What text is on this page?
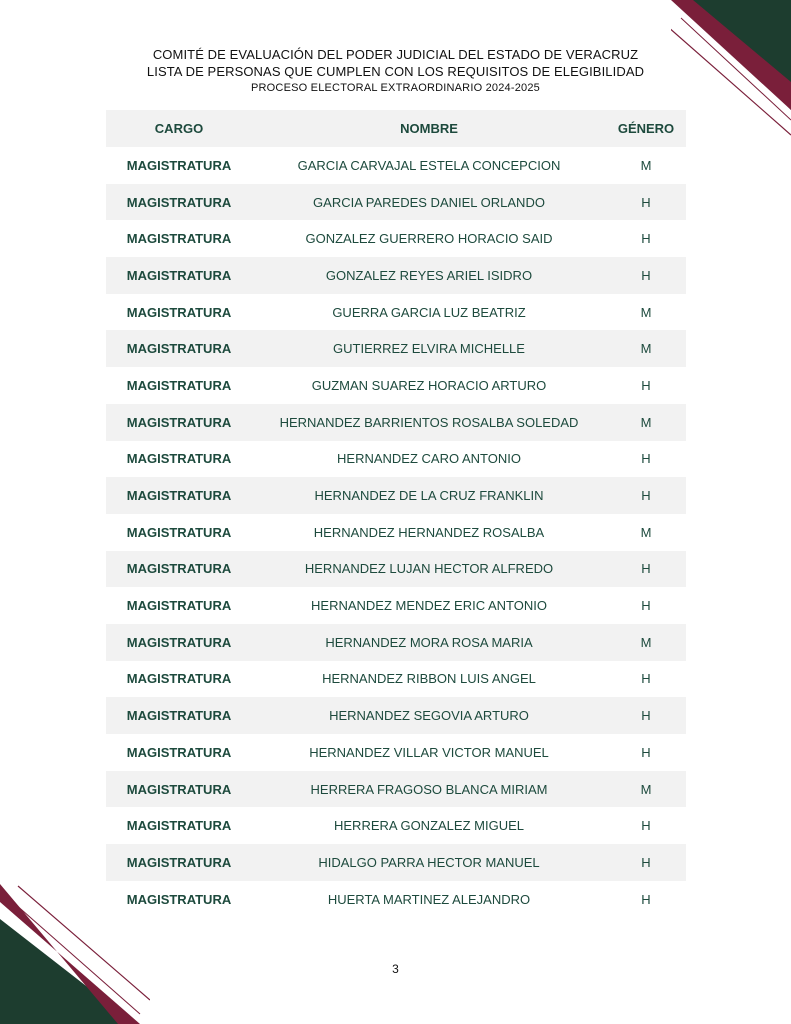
COMITÉ DE EVALUACIÓN DEL PODER JUDICIAL DEL ESTADO DE VERACRUZ
LISTA DE PERSONAS QUE CUMPLEN CON LOS REQUISITOS DE ELEGIBILIDAD
PROCESO ELECTORAL EXTRAORDINARIO 2024-2025
CARGO	NOMBRE	GÉNERO
MAGISTRATURA	GARCIA CARVAJAL ESTELA CONCEPCION	M
MAGISTRATURA	GARCIA PAREDES DANIEL ORLANDO	H
MAGISTRATURA	GONZALEZ GUERRERO HORACIO SAID	H
MAGISTRATURA	GONZALEZ REYES ARIEL ISIDRO	H
MAGISTRATURA	GUERRA GARCIA LUZ BEATRIZ	M
MAGISTRATURA	GUTIERREZ ELVIRA MICHELLE	M
MAGISTRATURA	GUZMAN SUAREZ HORACIO ARTURO	H
MAGISTRATURA	HERNANDEZ BARRIENTOS ROSALBA SOLEDAD	M
MAGISTRATURA	HERNANDEZ CARO ANTONIO	H
MAGISTRATURA	HERNANDEZ DE LA CRUZ FRANKLIN	H
MAGISTRATURA	HERNANDEZ HERNANDEZ ROSALBA	M
MAGISTRATURA	HERNANDEZ LUJAN HECTOR ALFREDO	H
MAGISTRATURA	HERNANDEZ MENDEZ ERIC ANTONIO	H
MAGISTRATURA	HERNANDEZ MORA ROSA MARIA	M
MAGISTRATURA	HERNANDEZ RIBBON LUIS ANGEL	H
MAGISTRATURA	HERNANDEZ SEGOVIA ARTURO	H
MAGISTRATURA	HERNANDEZ VILLAR VICTOR MANUEL	H
MAGISTRATURA	HERRERA FRAGOSO BLANCA MIRIAM	M
MAGISTRATURA	HERRERA GONZALEZ MIGUEL	H
MAGISTRATURA	HIDALGO PARRA HECTOR MANUEL	H
MAGISTRATURA	HUERTA MARTINEZ ALEJANDRO	H
3
